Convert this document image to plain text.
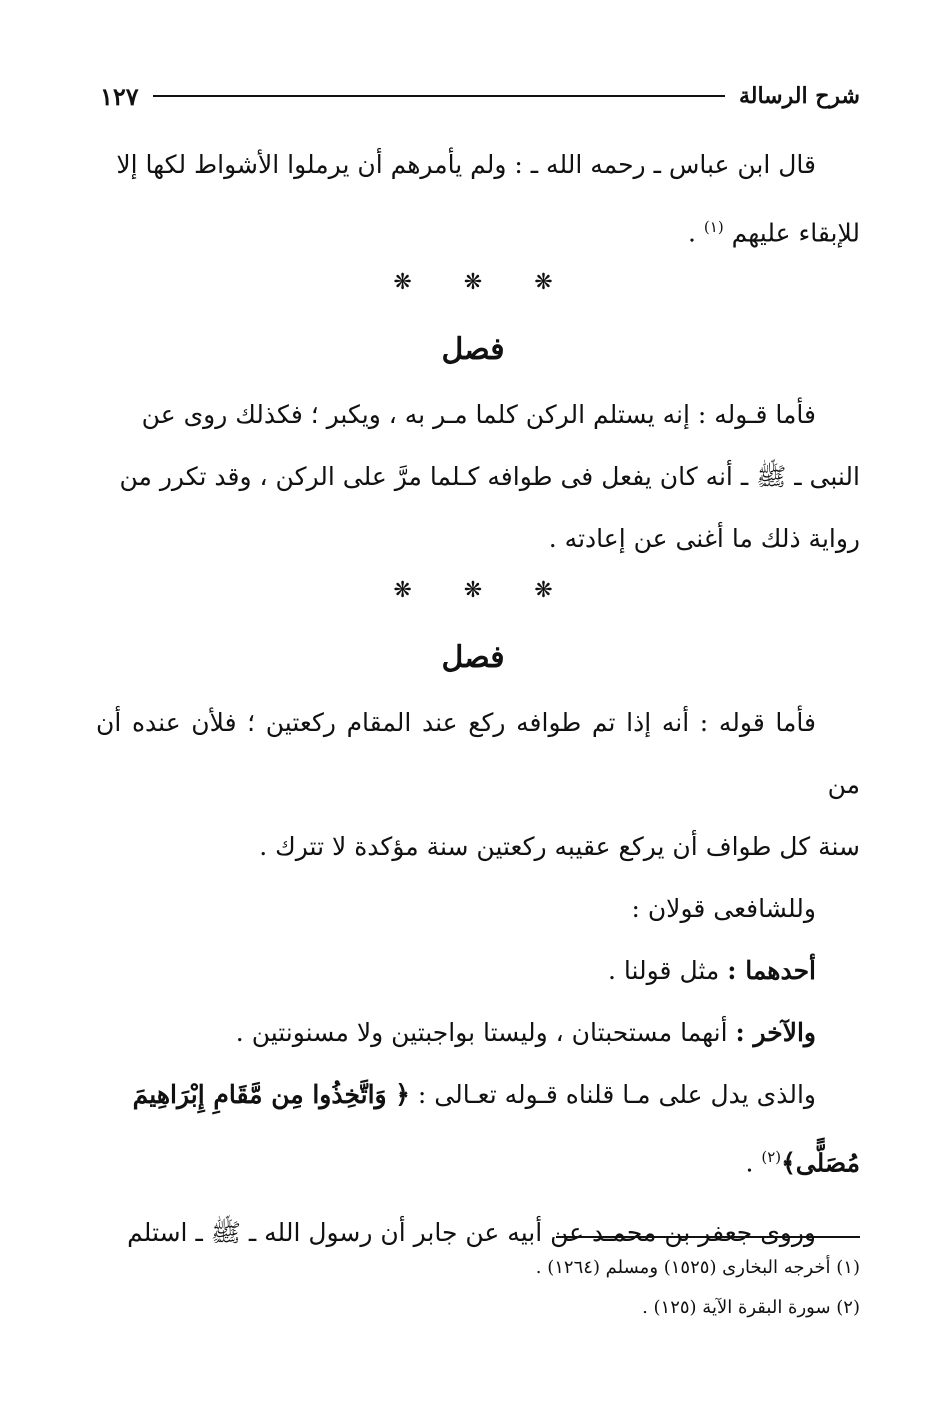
شرح الرسالة
١٢٧

قال ابن عباس ـ رحمه الله ـ : ولم يأمرهم أن يرملوا الأشواط لكها إلا

للإبقاء عليهم $^{(١)}$ .

❋ ❋ ❋
فصل

فأما قـوله : إنه يستلم الركن كلما مـر به ، ويكبر ؛ فكذلك روى عن

النبى ـ ﷺ ـ أنه كان يفعل فى طوافه كـلما مرَّ على الركن ، وقد تكرر من

رواية ذلك ما أغنى عن إعادته .

❋ ❋ ❋
فصل

فأما قوله : أنه إذا تم طوافه ركع عند المقام ركعتين ؛ فلأن عنده أن من

سنة كل طواف أن يركع عقيبه ركعتين سنة مؤكدة لا تترك .

وللشافعى قولان :

أحدهما : مثل قولنا .

والآخر : أنهما مستحبتان ، وليستا بواجبتين ولا مسنونتين .

والذى يدل على مـا قلناه قـوله تعـالى : ﴿ وَاتَّخِذُوا مِن مَّقَامِ إِبْرَاهِيمَ

مُصَلًّى﴾$^{(٢)}$ .

وروى جعفر بن محمـد عن أبيه عن جابر أن رسول الله ـ ﷺ ـ استلم

(١) أخرجه البخارى (١٥٢٥) ومسلم (١٢٦٤) .

(٢) سورة البقرة الآية (١٢٥) .
